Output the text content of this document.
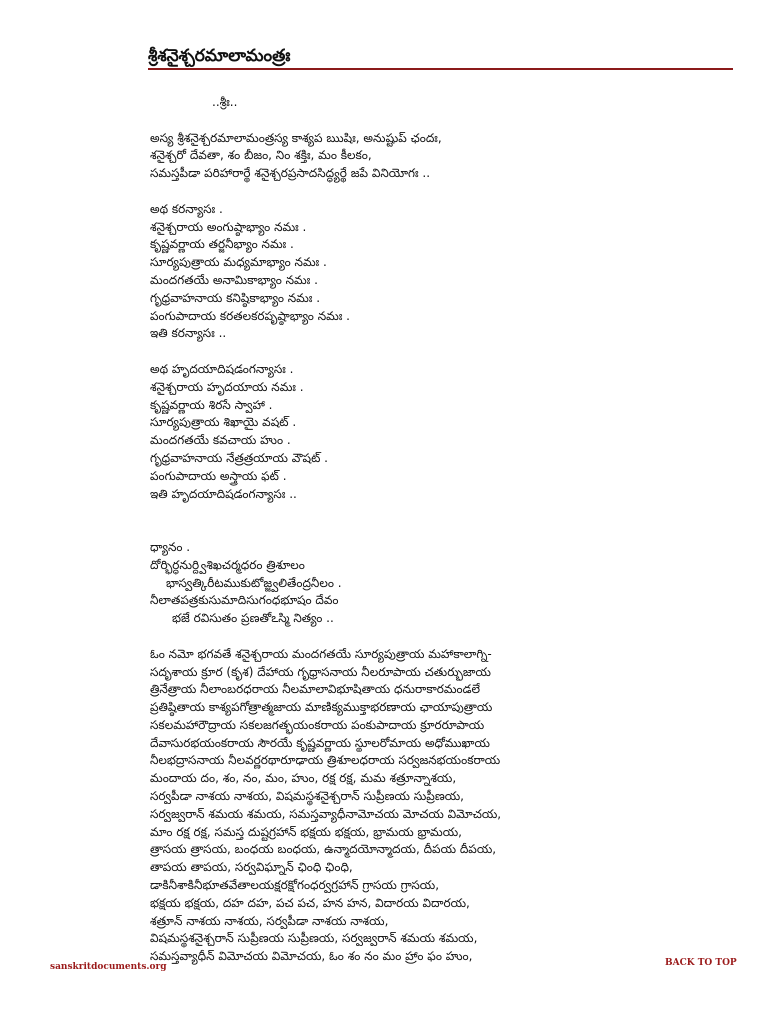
శ్రీశనైశ్చరమాలామంత్రః
..శ్రీః..
అస్య శ్రీశనైశ్చరమాలామంత్రస్య కాశ్యప ఋషిః, అనుష్టుప్ ఛందః,
శనైశ్చరో దేవతా, శం బీజం, నిం శక్తిః, మం కీలకం,
సమస్తపీడా పరిహారార్థే శనైశ్చరప్రసాదసిద్ధ్యర్థే జపే వినియోగః ..
అథ కరన్యాసః .
శనైశ్చరాయ అంగుష్ఠాభ్యాం నమః .
కృష్ణవర్ణాయ తర్జనీభ్యాం నమః .
సూర్యపుత్రాయ మధ్యమాభ్యాం నమః .
మందగతయే అనామికాభ్యాం నమః .
గృధ్రవాహనాయ కనిష్ఠికాభ్యాం నమః .
పంగుపాదాయ కరతలకరపృష్ఠాభ్యాం నమః .
ఇతి కరన్యాసః ..
అథ హృదయాదిషడంగన్యాసః .
శనైశ్చరాయ హృదయాయ నమః .
కృష్ణవర్ణాయ శిరసే స్వాహా .
సూర్యపుత్రాయ శిఖాయై వషట్ .
మందగతయే కవచాయ హుం .
గృధ్రవాహనాయ నేత్రత్రయాయ వౌషట్ .
పంగుపాదాయ అస్త్రాయ ఫట్ .
ఇతి హృదయాదిషడంగన్యాసః ..
ధ్యానం .
దోర్భిర్ధనుర్ద్విశిఖచర్మధరం త్రిశూలం
భాస్వత్కిరీటముకుటోజ్జ్వలితేంద్రనీలం .
నీలాతపత్రకుసుమాదిసుగంధభూషం దేవం
భజే రవిసుతం ప్రణతోఽస్మి నిత్యం ..
ఓం నమో భగవతే శనైశ్చరాయ మందగతయే సూర్యపుత్రాయ మహాకాలాగ్ని-
సదృశాయ క్రూర (కృశ) దేహాయ గృధ్రాసనాయ నీలరూపాయ చతుర్భుజాయ
త్రినేత్రాయ నీలాంబరధరాయ నీలమాలావిభూషితాయ ధనురాకారమండలే
ప్రతిష్ఠితాయ కాశ్యపగోత్రాత్మజాయ మాణిక్యముక్తాభరణాయ ఛాయాపుత్రాయ
సకలమహారౌద్రాయ సకలజగత్భయంకరాయ పంకుపాదాయ క్రూరరూపాయ
దేవాసురభయంకరాయ సౌరయే కృష్ణవర్ణాయ స్థూలరోమాయ అధోముఖాయ
నీలభద్రాసనాయ నీలవర్ణరథారూఢాయ త్రిశూలధరాయ సర్వజనభయంకరాయ
మందాయ దం, శం, నం, మం, హుం, రక్ష రక్ష, మమ శత్రూన్నాశయ,
సర్వపీడా నాశయ నాశయ, విషమస్థశనైశ్చరాన్ సుప్రీణయ సుప్రీణయ,
సర్వజ్వరాన్ శమయ శమయ, సమస్తవ్యాధీనామోచయ మోచయ విమోచయ,
మాం రక్ష రక్ష, సమస్త దుష్టగ్రహాన్ భక్షయ భక్షయ, భ్రామయ భ్రామయ,
త్రాసయ త్రాసయ, బంధయ బంధయ, ఉన్మాదయోన్మాదయ, దీపయ దీపయ,
తాపయ తాపయ, సర్వవిఘ్నాన్ ఛింధి ఛింధి,
డాకినీశాకినీభూతవేతాలయక్షరక్షోగంధర్వగ్రహాన్ గ్రాసయ గ్రాసయ,
భక్షయ భక్షయ, దహ దహ, పచ పచ, హన హన, విదారయ విదారయ,
శత్రూన్ నాశయ నాశయ, సర్వపీడా నాశయ నాశయ,
విషమస్థశనైశ్చరాన్ సుప్రీణయ సుప్రీణయ, సర్వజ్వరాన్ శమయ శమయ,
సమస్తవ్యాధీన్ విమోచయ విమోచయ, ఓం శం నం మం హ్రాం ఫం హుం,
sanskritdocuments.org	BACK TO TOP
